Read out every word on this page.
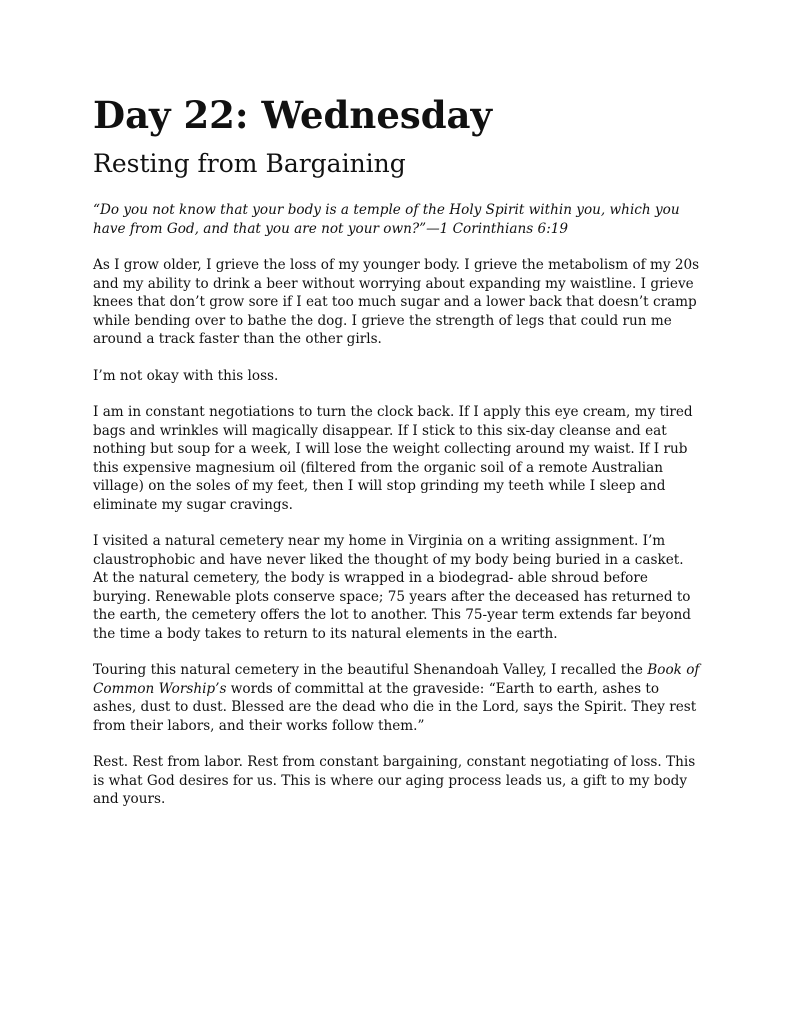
Day 22: Wednesday
Resting from Bargaining

“Do you not know that your body is a temple of the Holy Spirit within you, which you have from God, and that you are not your own?”—1 Corinthians 6:19

As I grow older, I grieve the loss of my younger body. I grieve the metabolism of my 20s and my ability to drink a beer without worrying about expanding my waistline. I grieve knees that don’t grow sore if I eat too much sugar and a lower back that doesn’t cramp while bending over to bathe the dog. I grieve the strength of legs that could run me around a track faster than the other girls.

I’m not okay with this loss.

I am in constant negotiations to turn the clock back. If I apply this eye cream, my tired bags and wrinkles will magically disappear. If I stick to this six-day cleanse and eat nothing but soup for a week, I will lose the weight collecting around my waist. If I rub this expensive magnesium oil (filtered from the organic soil of a remote Australian village) on the soles of my feet, then I will stop grinding my teeth while I sleep and eliminate my sugar cravings.

I visited a natural cemetery near my home in Virginia on a writing assignment. I’m claustrophobic and have never liked the thought of my body being buried in a casket. At the natural cemetery, the body is wrapped in a biodegrad- able shroud before burying. Renewable plots conserve space; 75 years after the deceased has returned to the earth, the cemetery offers the lot to another. This 75-year term extends far beyond the time a body takes to return to its natural elements in the earth.

Touring this natural cemetery in the beautiful Shenandoah Valley, I recalled the Book of Common Worship’s words of committal at the graveside: “Earth to earth, ashes to ashes, dust to dust. Blessed are the dead who die in the Lord, says the Spirit. They rest from their labors, and their works follow them.”

Rest. Rest from labor. Rest from constant bargaining, constant negotiating of loss. This is what God desires for us. This is where our aging process leads us, a gift to my body and yours.
